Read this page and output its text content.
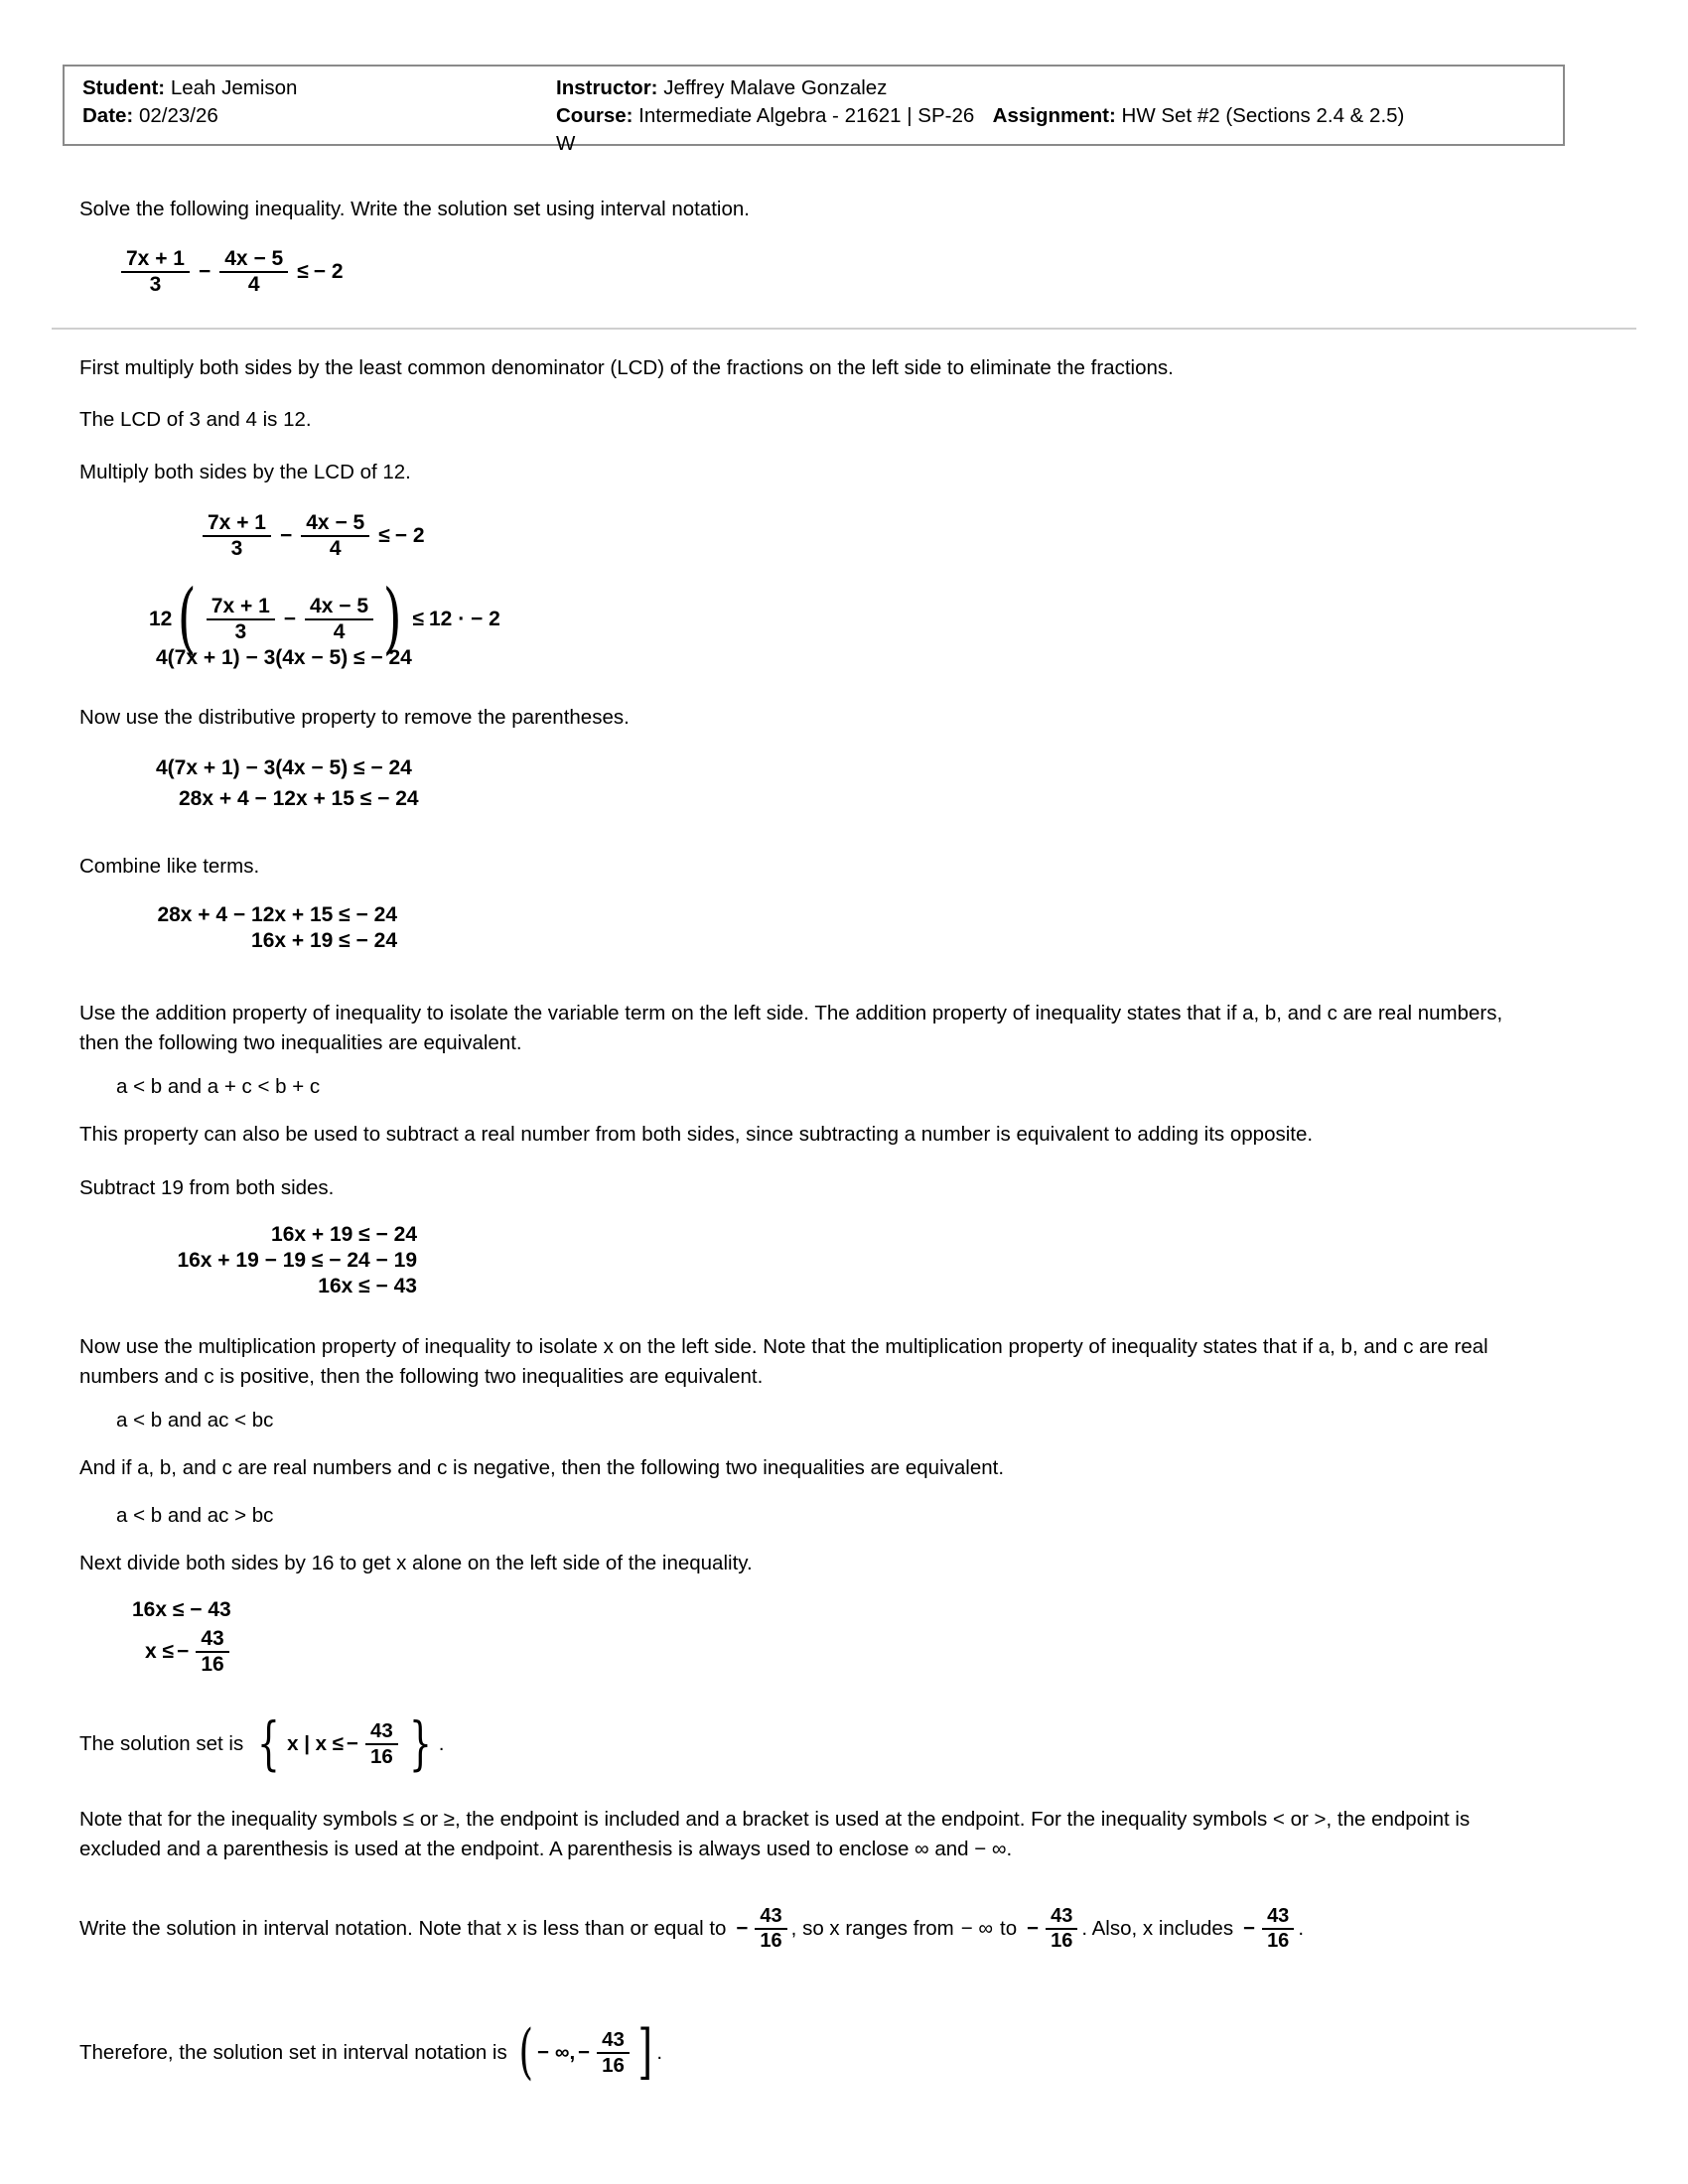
Student: Leah Jemison
Date: 02/23/26
Instructor: Jeffrey Malave Gonzalez
Course: Intermediate Algebra - 21621 | SP-26 Assignment: HW Set #2 (Sections 2.4 & 2.5)
W
Solve the following inequality. Write the solution set using interval notation.
$\frac{7x + 1}{3} - \frac{4x - 5}{4}$ ≤ − 2
First multiply both sides by the least common denominator (LCD) of the fractions on the left side to eliminate the fractions.
The LCD of 3 and 4 is 12.
Multiply both sides by the LCD of 12.
$\frac{7x + 1}{3} - \frac{4x - 5}{4}$ ≤ − 2
12 ( $\frac{7x + 1}{3} - \frac{4x - 5}{4}$ ) ≤ 12 · − 2
4(7x + 1) − 3(4x − 5) ≤ − 24
Now use the distributive property to remove the parentheses.
4(7x + 1) − 3(4x − 5) ≤ − 24
28x + 4 − 12x + 15 ≤ − 24
Combine like terms.
28x + 4 − 12x + 15 ≤ − 24
16x + 19 ≤ − 24
Use the addition property of inequality to isolate the variable term on the left side. The addition property of inequality states that if a, b, and c are real numbers, then the following two inequalities are equivalent.
a < b and a + c < b + c
This property can also be used to subtract a real number from both sides, since subtracting a number is equivalent to adding its opposite.
Subtract 19 from both sides.
16x + 19 ≤ − 24
16x + 19 − 19 ≤ − 24 − 19
16x ≤ − 43
Now use the multiplication property of inequality to isolate x on the left side. Note that the multiplication property of inequality states that if a, b, and c are real numbers and c is positive, then the following two inequalities are equivalent.
a < b and ac < bc
And if a, b, and c are real numbers and c is negative, then the following two inequalities are equivalent.
a < b and ac > bc
Next divide both sides by 16 to get x alone on the left side of the inequality.
16x ≤ − 43
x ≤ − $\frac{43}{16}$
The solution set is { x | x ≤ − $\frac{43}{16}$ } .
Note that for the inequality symbols ≤ or ≥, the endpoint is included and a bracket is used at the endpoint. For the inequality symbols < or >, the endpoint is excluded and a parenthesis is used at the endpoint. A parenthesis is always used to enclose ∞ and − ∞.
Write the solution in interval notation. Note that x is less than or equal to − $\frac{43}{16}$ , so x ranges from − ∞ to − $\frac{43}{16}$ . Also, x includes − $\frac{43}{16}$ .
Therefore, the solution set in interval notation is ( − ∞, − $\frac{43}{16}$ ] .
